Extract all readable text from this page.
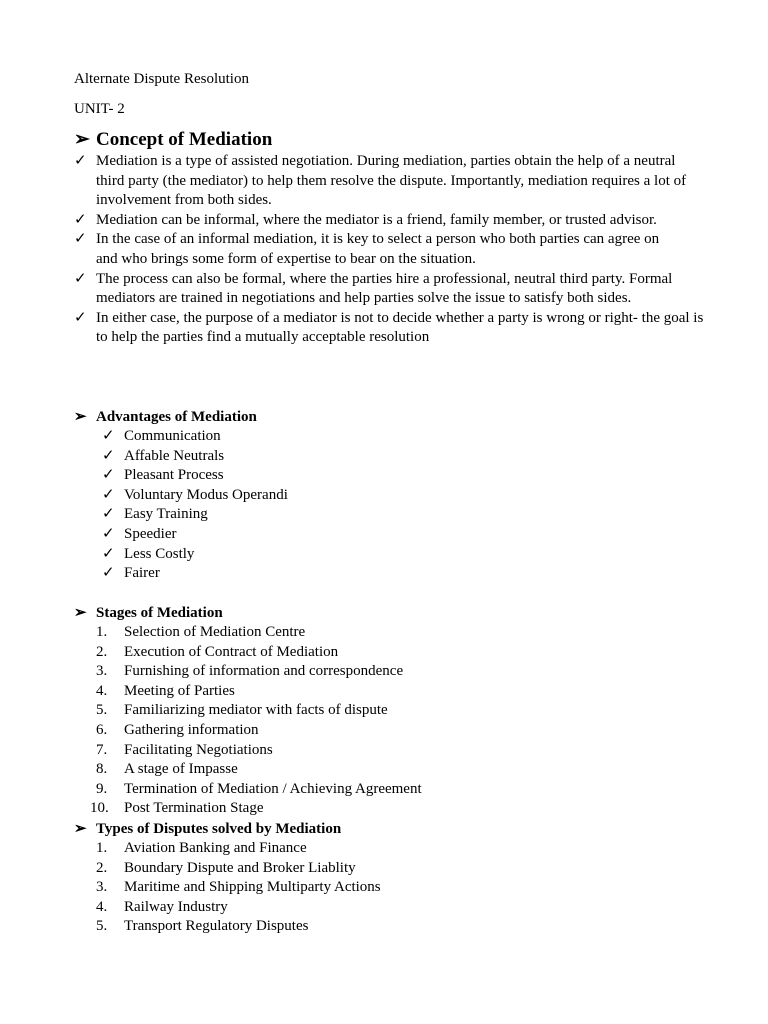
Alternate Dispute Resolution
UNIT- 2
➢ Concept of Mediation
✓ Mediation is a type of assisted negotiation. During mediation, parties obtain the help of a neutral third party (the mediator) to help them resolve the dispute. Importantly, mediation requires a lot of involvement from both sides.
✓ Mediation can be informal, where the mediator is a friend, family member, or trusted advisor.
✓ In the case of an informal mediation, it is key to select a person who both parties can agree on and who brings some form of expertise to bear on the situation.
✓ The process can also be formal, where the parties hire a professional, neutral third party. Formal mediators are trained in negotiations and help parties solve the issue to satisfy both sides.
✓ In either case, the purpose of a mediator is not to decide whether a party is wrong or right- the goal is to help the parties find a mutually acceptable resolution
➢ Advantages of Mediation
✓ Communication
✓ Affable Neutrals
✓ Pleasant Process
✓ Voluntary Modus Operandi
✓ Easy Training
✓ Speedier
✓ Less Costly
✓ Fairer
➢ Stages of Mediation
1.	Selection of Mediation Centre
2.	Execution of Contract of Mediation
3.	Furnishing of information and correspondence
4.	Meeting of Parties
5.	Familiarizing mediator with facts of dispute
6.	Gathering information
7.	Facilitating Negotiations
8.	A stage of Impasse
9.	Termination of Mediation / Achieving Agreement
10.	Post Termination Stage
➢ Types of Disputes solved by Mediation
1.	Aviation Banking and Finance
2.	Boundary Dispute and Broker Liablity
3.	Maritime and Shipping Multiparty Actions
4.	Railway Industry
5.	Transport Regulatory Disputes
